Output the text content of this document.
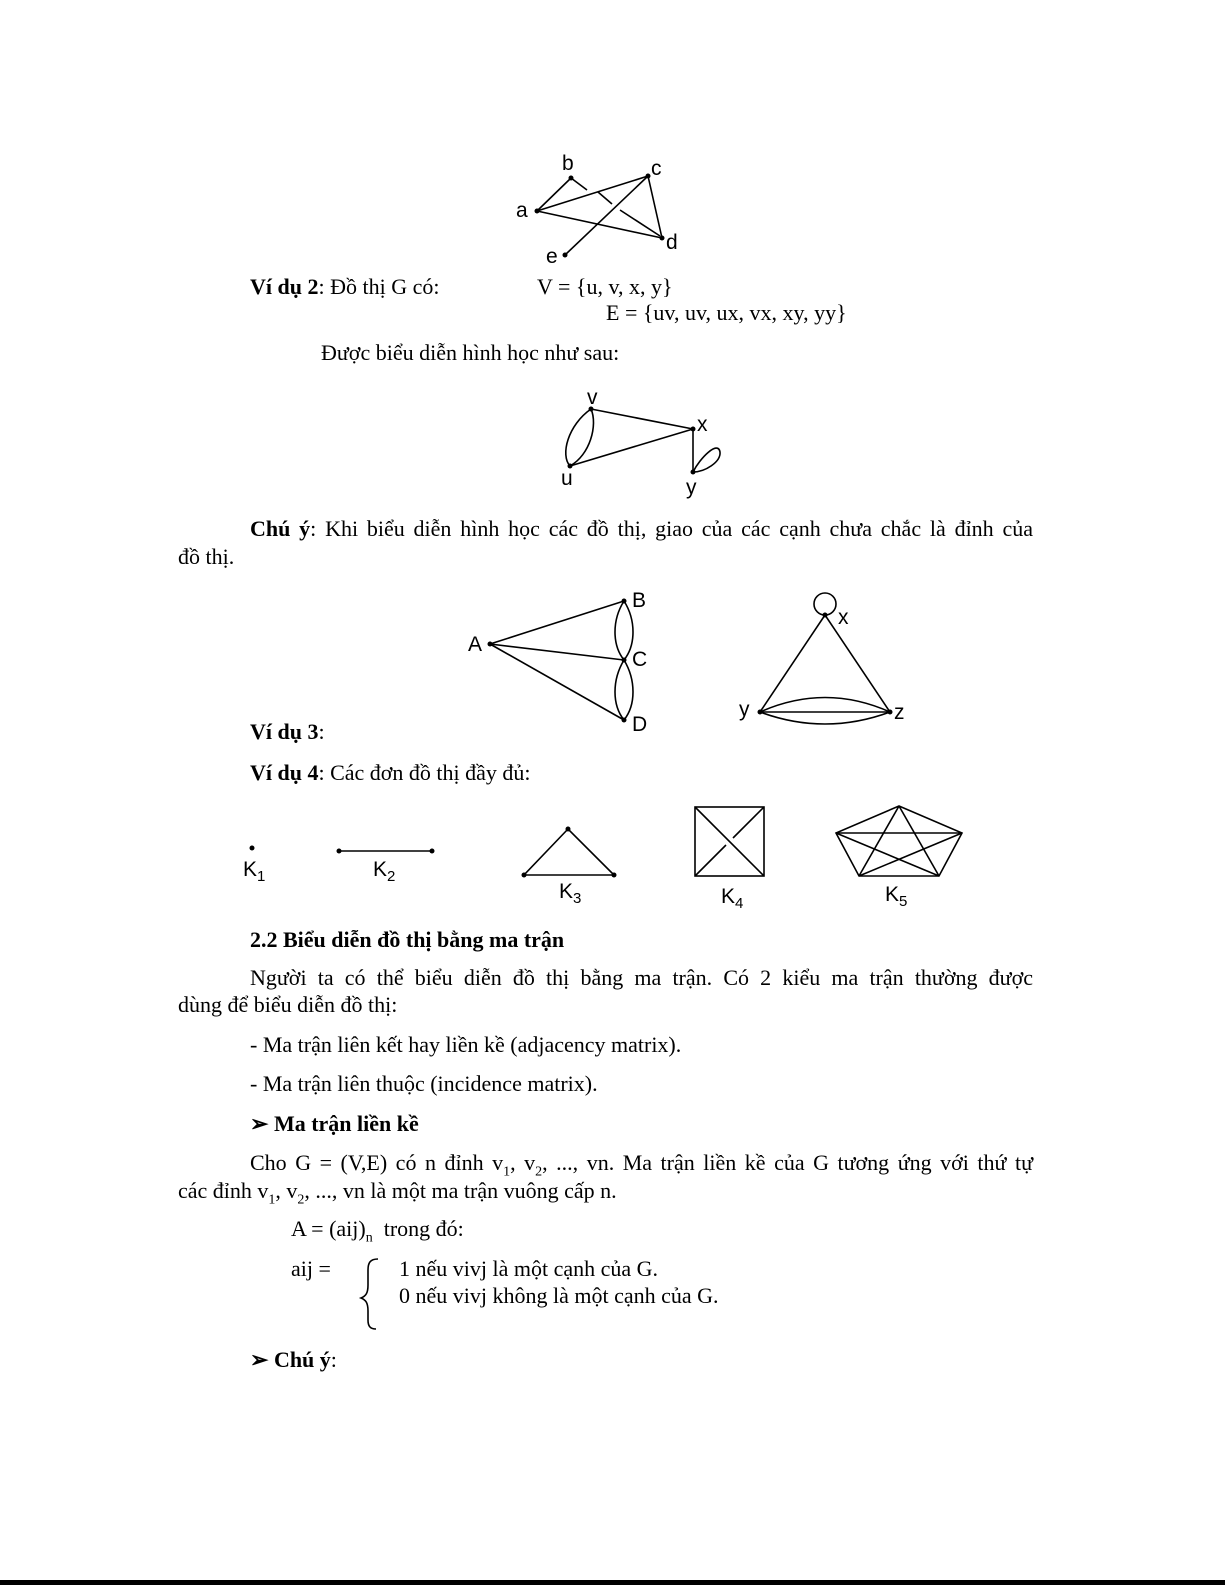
a
b	c
d
e
v
x
u	y
A
B
C
D
x
y	z
$K_1$	$K_2$
$K_3$	$K_4$	$K_5$
Ví dụ 2: Đồ thị G có:	V = {u, v, x, y}
E = {uv, uv, ux, vx, xy, yy}
Được biểu diễn hình học như sau:
Chú ý: Khi biểu diễn hình học các đồ thị, giao của các cạnh chưa chắc là đỉnh của
đồ thị.
Ví dụ 3:
Ví dụ 4: Các đơn đồ thị đầy đủ:
2.2 Biểu diễn đồ thị bằng ma trận
Người ta có thể biểu diễn đồ thị bằng ma trận. Có 2 kiểu ma trận thường được
dùng để biểu diễn đồ thị:
- Ma trận liên kết hay liền kề (adjacency matrix).
- Ma trận liên thuộc (incidence matrix).
➢ Ma trận liền kề
Cho G = (V,E) có n đỉnh $v_1$, $v_2$, ..., vn. Ma trận liền kề của G tương ứng với thứ tự
các đỉnh $v_1$, $v_2$, ..., vn là một ma trận vuông cấp n.
$A = (aij)_n$  trong đó:
aij =	1 nếu vivj là một cạnh của G.
0 nếu vivj không là một cạnh của G.
➢ Chú ý:
